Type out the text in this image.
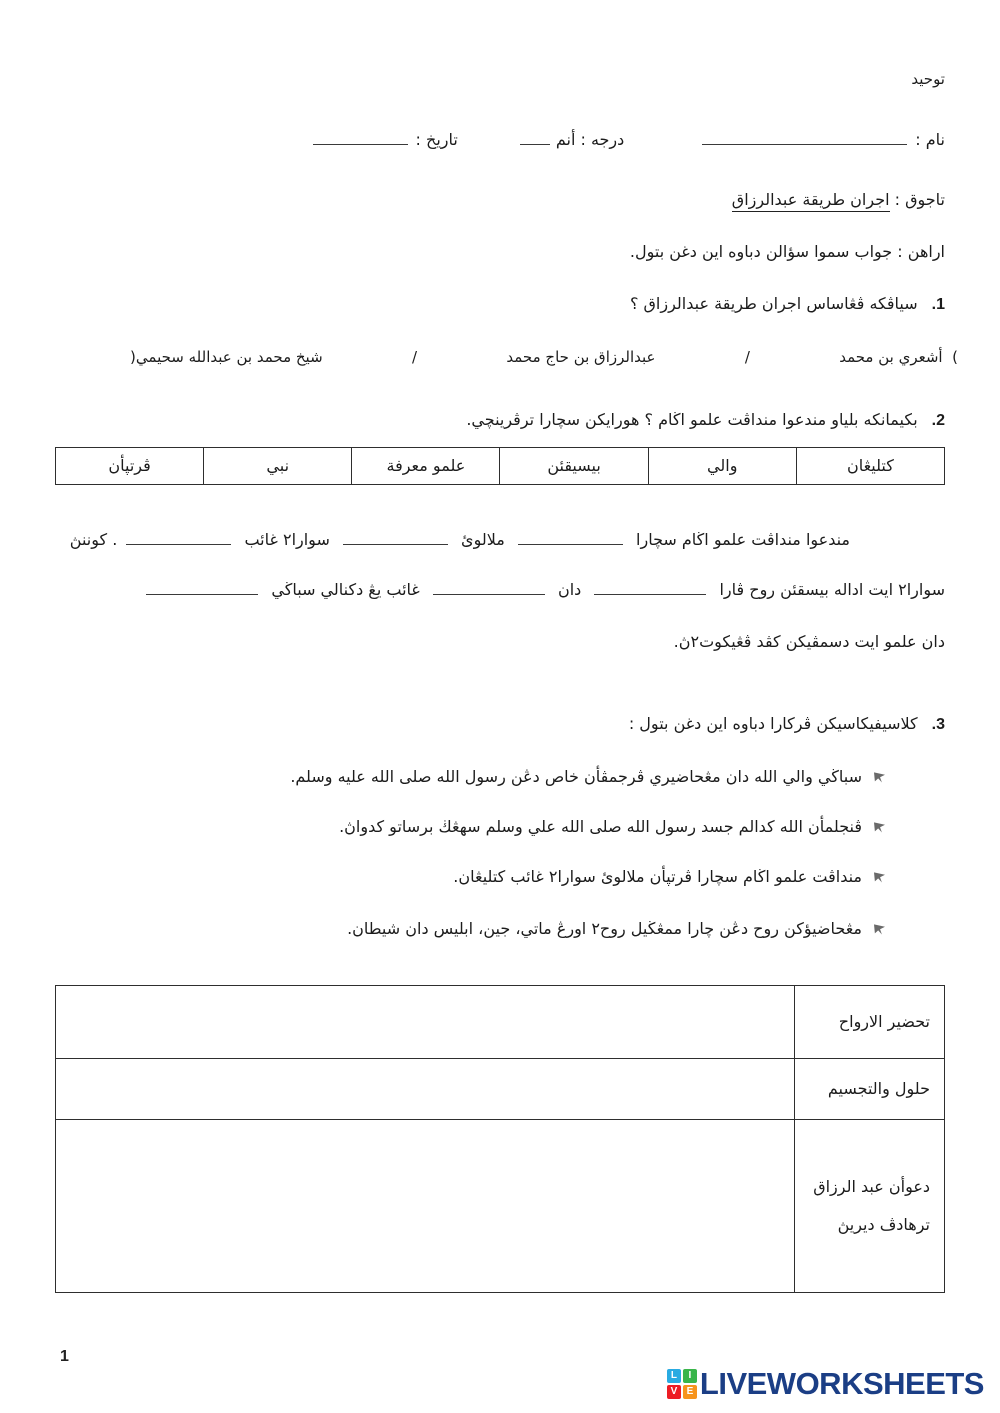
توحيد
نام :
درجه : أنم
تاريخ :
تاجوق : اجران طريقة عبدالرزاق
اراهن : جواب سموا سؤالن دباوه اين دغن بتول.
1.
سياڤكه ڤڠاساس اجران طريقة عبدالرزاق ؟
(  أشعري بن محمد
/
عبدالرزاق بن حاج محمد
/
شيخ محمد بن عبدالله سحيمي)
2.
بكيمانكه بلياو مندعوا منداڤت علمو اڬام ؟ هورايكن سچارا ترڤرينچي.
كتليڠان
والي
بيسيقئن
علمو معرفة
نبي
ڤرتڽأن
مندعوا منداڤت علمو اڬام سچارا  ملالوئ  سوارا٢ غائب  . كوننڽ
سوارا٢ ايت اداله بيسقئن روح ڤارا  دان  غائب يڠ دكنالي سباڬي
دان علمو ايت دسمڤيكن كڤد ڤڠيكوت٢ڽ.
3.
كلاسيفيكاسيكن ڤركارا دباوه اين دغن بتول :
سباڬي والي الله دان مڠحاضيري ڤرجمڤأن خاص دڠن رسول الله صلى الله عليه وسلم.
ڤنجلمأن الله كدالم جسد رسول الله صلى الله علي وسلم سهڠڬ برساتو كدواڽ.
منداڤت علمو اڬام سچارا ڤرتڽأن ملالوئ سوارا٢ غائب كتليڠان.
مڠحاضيؤكن روح دڠن چارا ممڠڬيل روح٢ اورڠ ماتي، جين، ابليس دان شيطان.
تحضير الارواح
حلول والتجسيم
دعوأن عبد الرزاق
ترهادڤ ديريڽ
1
L	I
V E LIVEWORKSHEETS
